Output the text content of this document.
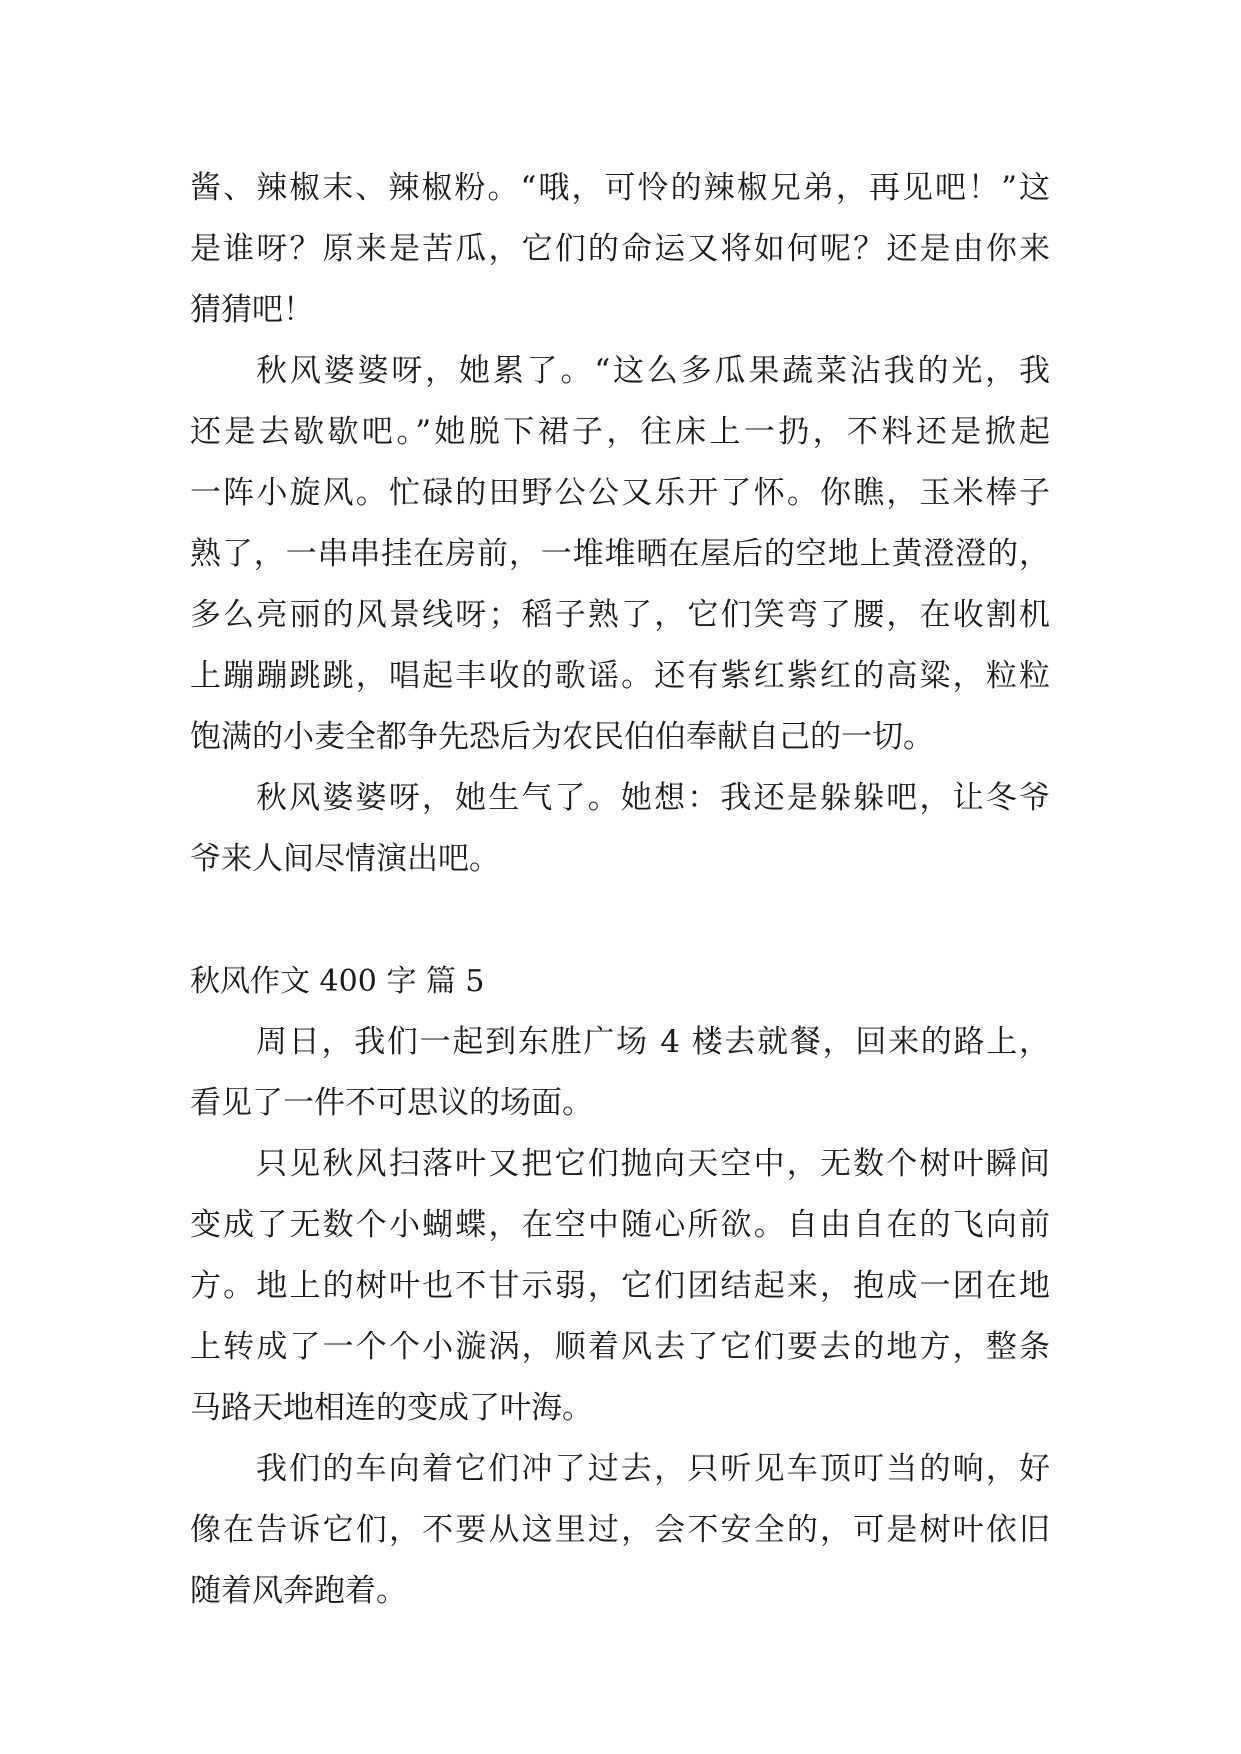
酱、辣椒末、辣椒粉。“哦，可怜的辣椒兄弟，再见吧！”这
是谁呀？原来是苦瓜，它们的命运又将如何呢？还是由你来
猜猜吧！
秋风婆婆呀，她累了。“这么多瓜果蔬菜沾我的光，我
还是去歇歇吧。”她脱下裙子，往床上一扔，不料还是掀起
一阵小旋风。忙碌的田野公公又乐开了怀。你瞧，玉米棒子
熟了，一串串挂在房前，一堆堆晒在屋后的空地上黄澄澄的，
多么亮丽的风景线呀；稻子熟了，它们笑弯了腰，在收割机
上蹦蹦跳跳，唱起丰收的歌谣。还有紫红紫红的高粱，粒粒
饱满的小麦全都争先恐后为农民伯伯奉献自己的一切。
秋风婆婆呀，她生气了。她想：我还是躲躲吧，让冬爷
爷来人间尽情演出吧。
秋风作文 400 字 篇 5
周日，我们一起到东胜广场 4 楼去就餐，回来的路上，
看见了一件不可思议的场面。
只见秋风扫落叶又把它们抛向天空中，无数个树叶瞬间
变成了无数个小蝴蝶，在空中随心所欲。自由自在的飞向前
方。地上的树叶也不甘示弱，它们团结起来，抱成一团在地
上转成了一个个小漩涡，顺着风去了它们要去的地方，整条
马路天地相连的变成了叶海。
我们的车向着它们冲了过去，只听见车顶叮当的响，好
像在告诉它们，不要从这里过，会不安全的，可是树叶依旧
随着风奔跑着。
